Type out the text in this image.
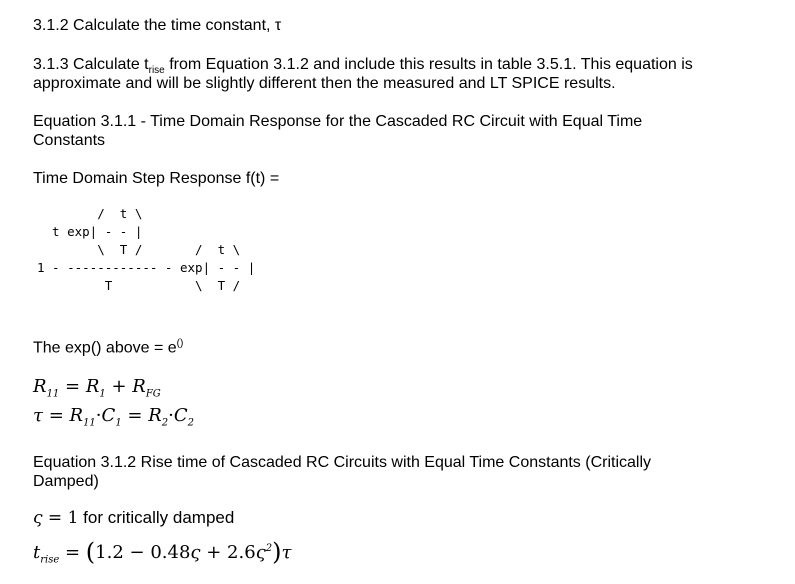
3.1.2 Calculate the time constant, τ
3.1.3 Calculate $t_{rise}$ from Equation 3.1.2 and include this results in table 3.5.1. This equation is
approximate and will be slightly different then the measured and LT SPICE results.
Equation 3.1.1 - Time Domain Response for the Cascaded RC Circuit with Equal Time
Constants
Time Domain Step Response f(t) =
/  t \
t exp| - - |
\  T /       /  t \
1 - ------------ - exp| - - |
T           \  T /
The exp() above = e()
$R_{11} = R_1 + R_{FG}$
$\tau = R_{11}\cdot C_1 = R_2\cdot C_2$
Equation 3.1.2 Rise time of Cascaded RC Circuits with Equal Time Constants (Critically
Damped)
ς = 1 for critically damped
$t_{rise} = (1.2 - 0.48\varsigma + 2.6\varsigma^2)\tau$
